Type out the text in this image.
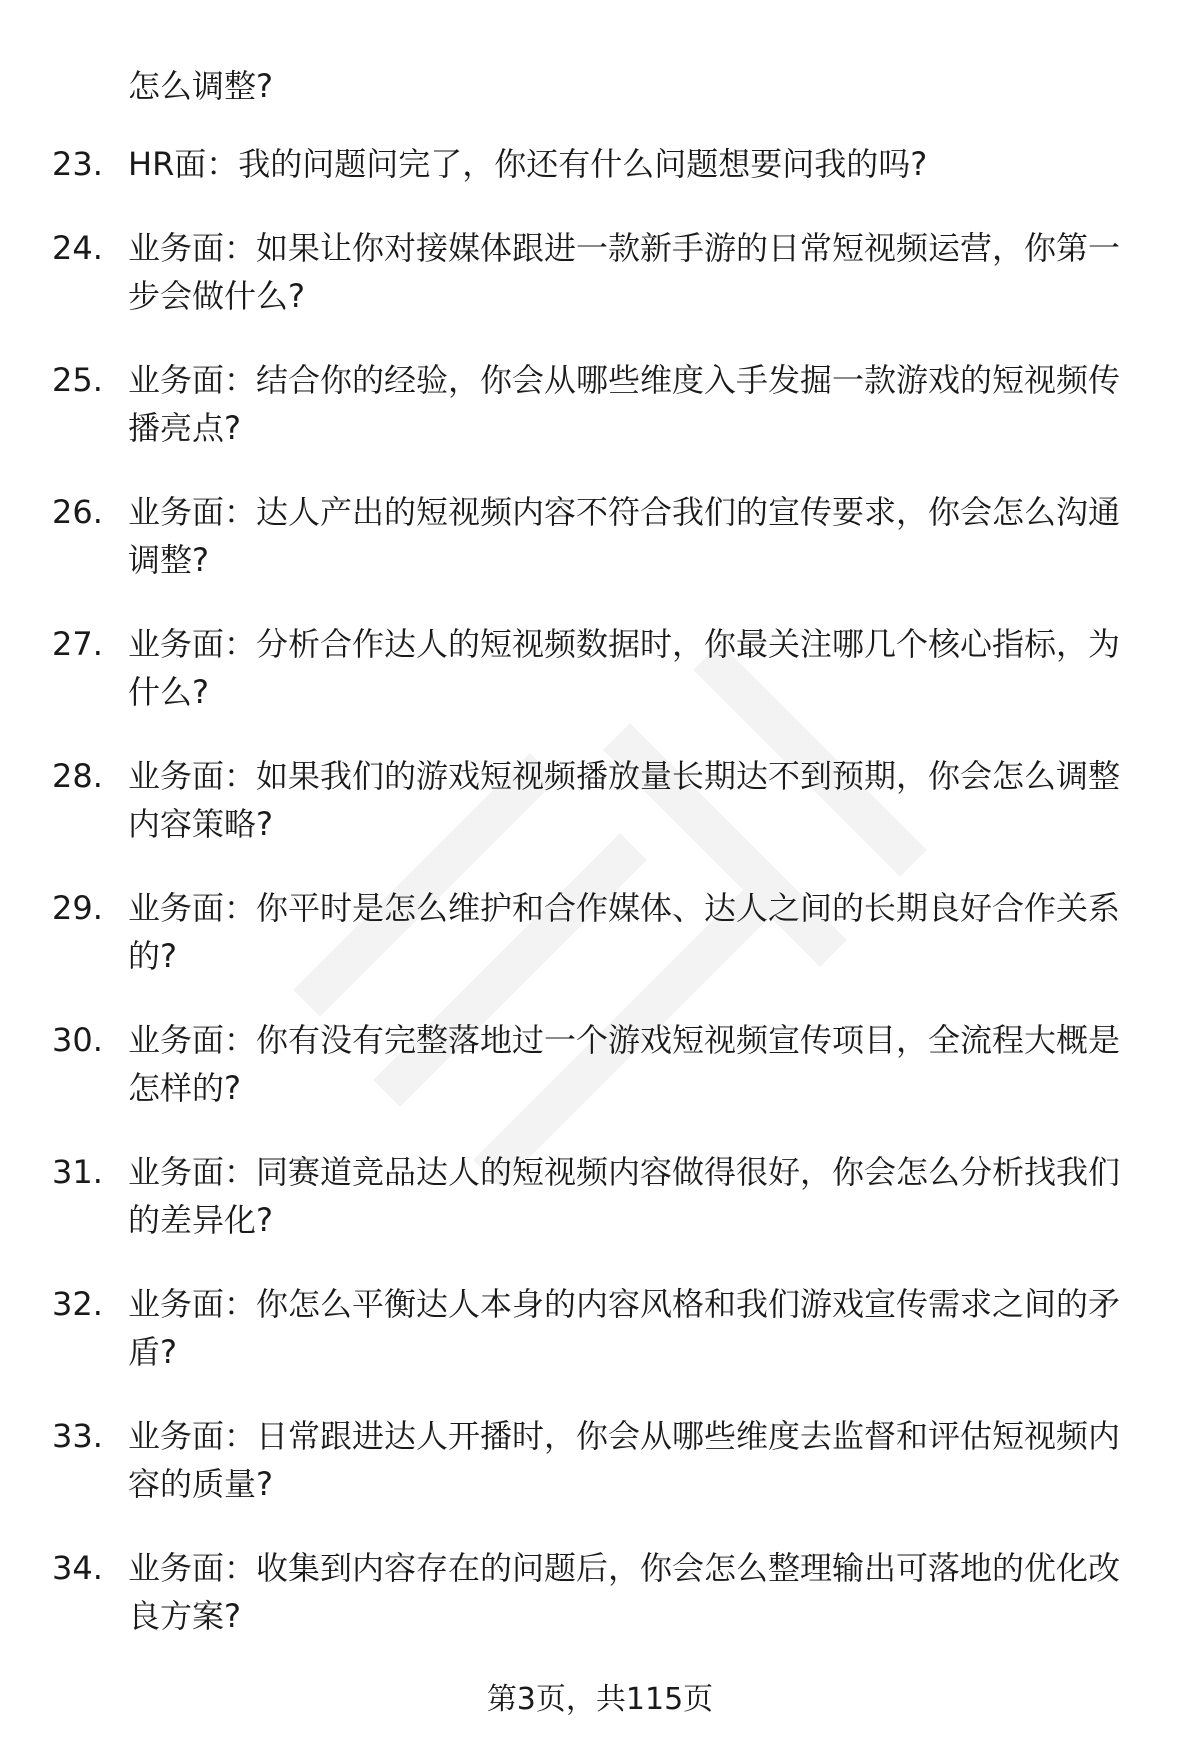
怎么调整?

23. HR面：我的问题问完了，你还有什么问题想要问我的吗?
24. 业务面：如果让你对接媒体跟进一款新手游的日常短视频运营，你第一步会做什么?
25. 业务面：结合你的经验，你会从哪些维度入手发掘一款游戏的短视频传播亮点?
26. 业务面：达人产出的短视频内容不符合我们的宣传要求，你会怎么沟通调整?
27. 业务面：分析合作达人的短视频数据时，你最关注哪几个核心指标，为什么?
28. 业务面：如果我们的游戏短视频播放量长期达不到预期，你会怎么调整内容策略?
29. 业务面：你平时是怎么维护和合作媒体、达人之间的长期良好合作关系的?
30. 业务面：你有没有完整落地过一个游戏短视频宣传项目，全流程大概是怎样的?
31. 业务面：同赛道竞品达人的短视频内容做得很好，你会怎么分析找我们的差异化?
32. 业务面：你怎么平衡达人本身的内容风格和我们游戏宣传需求之间的矛盾?
33. 业务面：日常跟进达人开播时，你会从哪些维度去监督和评估短视频内容的质量?
34. 业务面：收集到内容存在的问题后，你会怎么整理输出可落地的优化改良方案?

第3页，共115页
